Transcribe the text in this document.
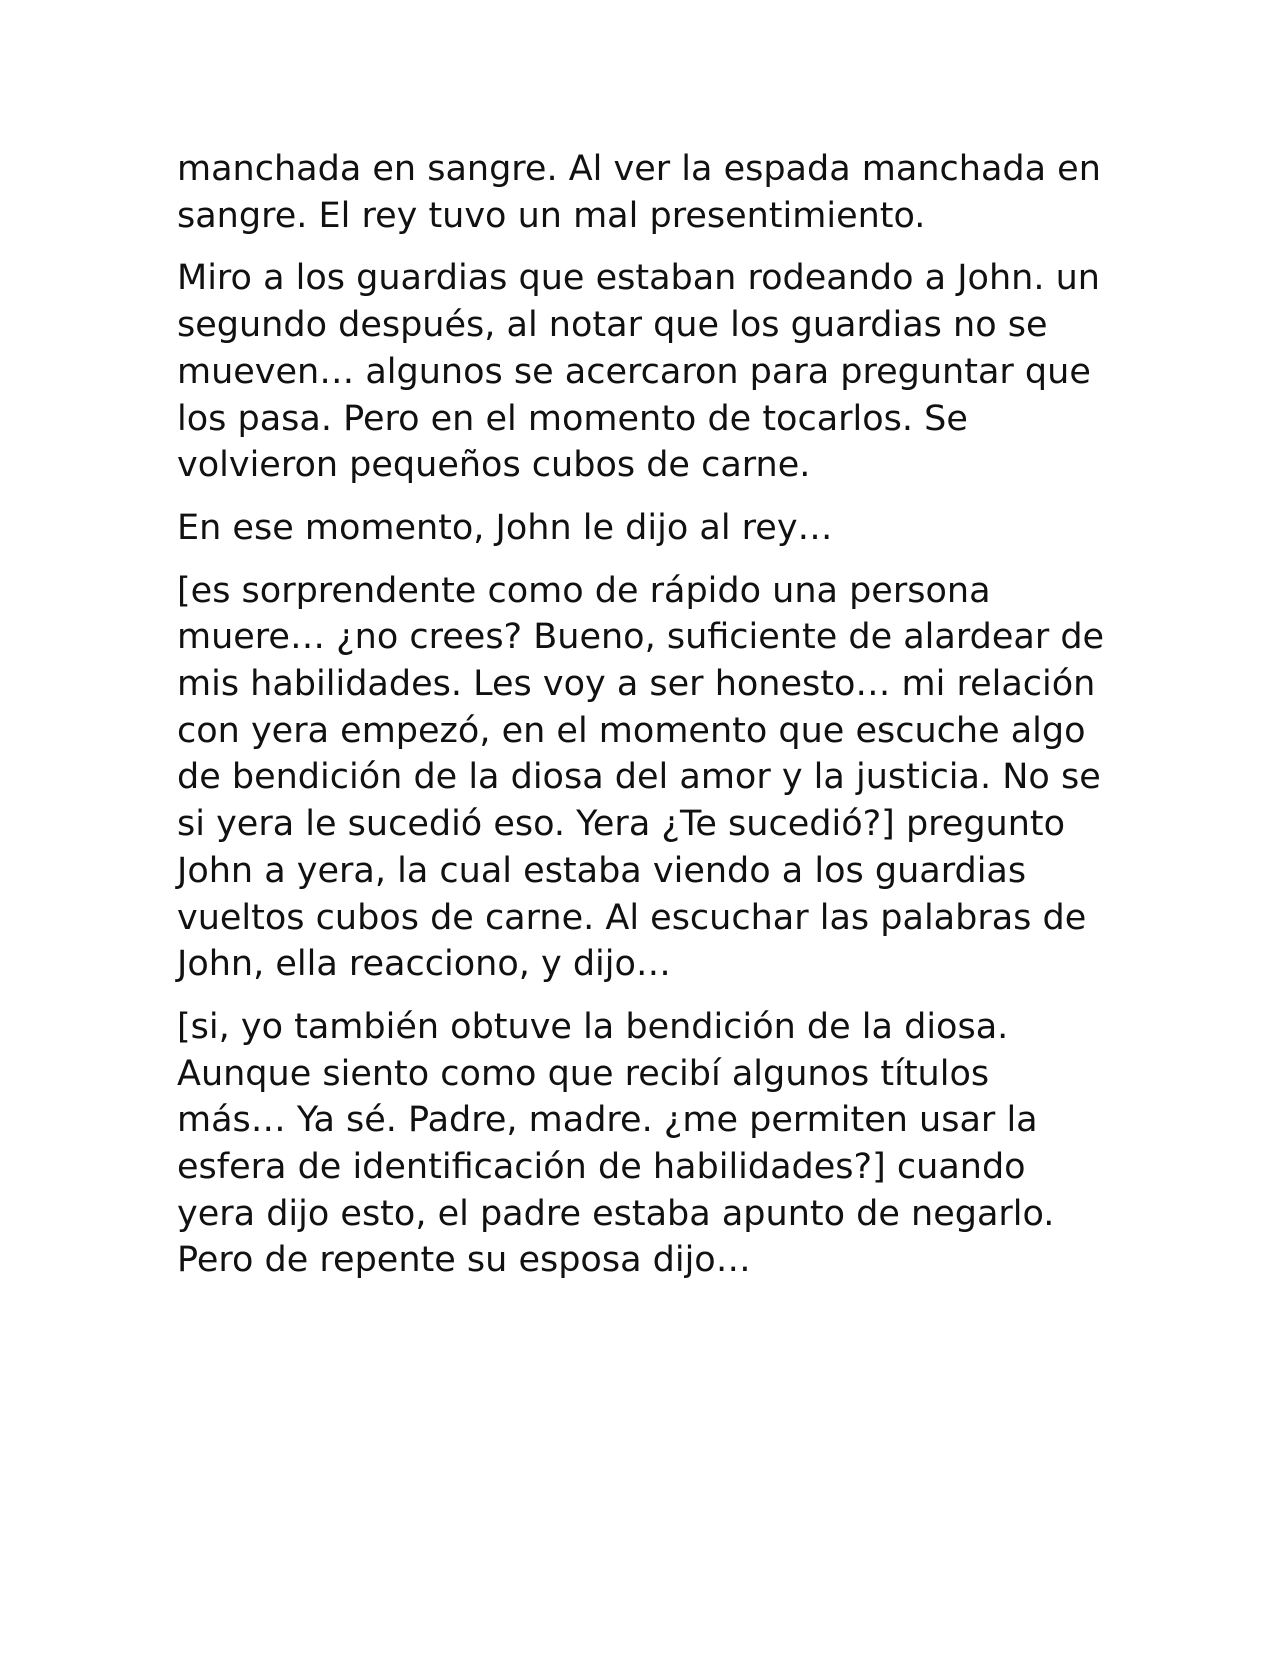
manchada en sangre. Al ver la espada manchada en sangre. El rey tuvo un mal presentimiento.

Miro a los guardias que estaban rodeando a John. un segundo después, al notar que los guardias no se mueven… algunos se acercaron para preguntar que los pasa. Pero en el momento de tocarlos. Se volvieron pequeños cubos de carne.

En ese momento, John le dijo al rey…

[es sorprendente como de rápido una persona muere… ¿no crees? Bueno, suficiente de alardear de mis habilidades. Les voy a ser honesto… mi relación con yera empezó, en el momento que escuche algo de bendición de la diosa del amor y la justicia. No se si yera le sucedió eso. Yera ¿Te sucedió?] pregunto John a yera, la cual estaba viendo a los guardias vueltos cubos de carne. Al escuchar las palabras de John, ella reacciono, y dijo…

[si, yo también obtuve la bendición de la diosa. Aunque siento como que recibí algunos títulos más… Ya sé. Padre, madre. ¿me permiten usar la esfera de identificación de habilidades?] cuando yera dijo esto, el padre estaba apunto de negarlo. Pero de repente su esposa dijo…
